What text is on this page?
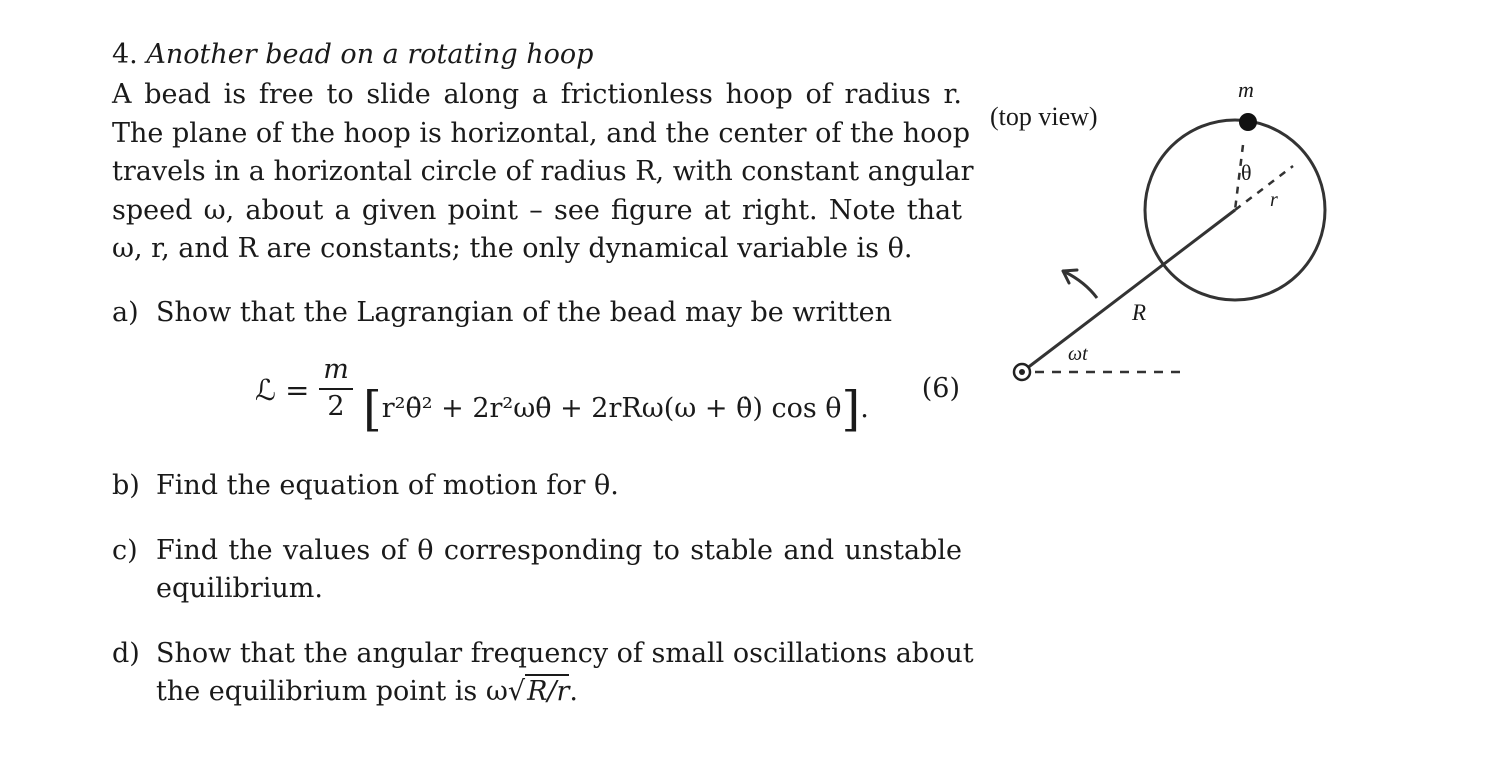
4. Another bead on a rotating hoop
A bead is free to slide along a frictionless hoop of radius r.
The plane of the hoop is horizontal, and the center of the hoop
travels in a horizontal circle of radius R, with constant angular
speed ω, about a given point – see figure at right. Note that
ω, r, and R are constants; the only dynamical variable is θ.
a) Show that the Lagrangian of the bead may be written
ℒ =
m
2 [r²θ̇² + 2r²ωθ̇ + 2rRω(ω + θ̇) cos θ].
(6)
b) Find the equation of motion for θ.
c) Find the values of θ corresponding to stable and unstable
equilibrium.
d) Show that the angular frequency of small oscillations about
the equilibrium point is ω√R/r.
(top view)
m
θ
r
R
ωt
